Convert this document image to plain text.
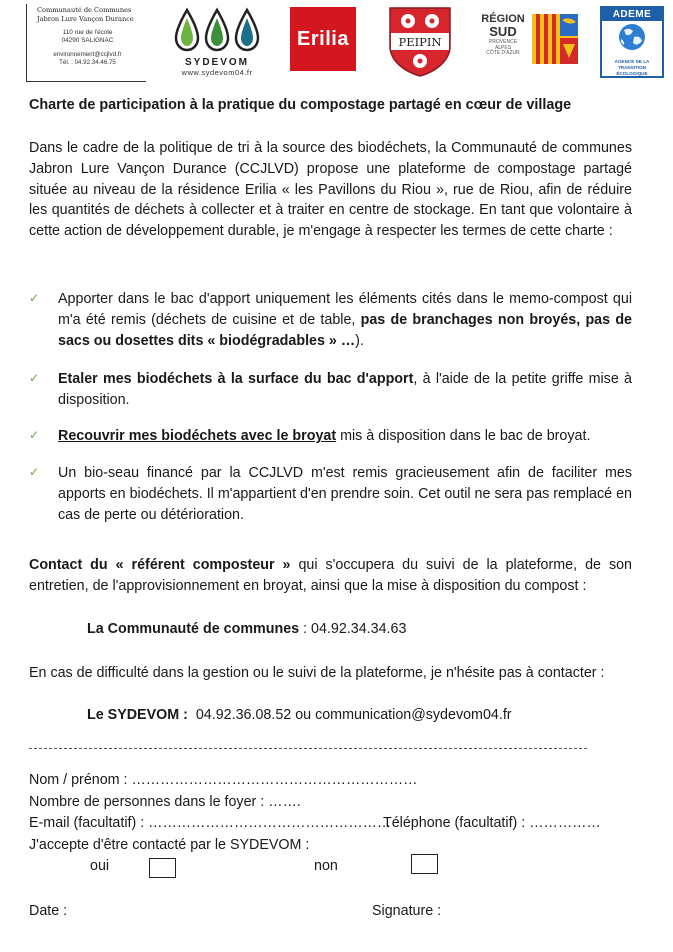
Communauté de Communes
Jabron Lure Vançon Durance
110 rue de l'école
04290 SALIGNAC
environnement@ccjlvd.fr
Tél. : 04.92.34.46.75	SYDEVOM
www.sydevom04.fr
Erilia	PEIPIN
RÉGION
SUD
PROVENCE
ALPES
CÔTE D'AZUR
ADEME
AGENCE DE LA
TRANSITION
ÉCOLOGIQUE
Charte de participation à la pratique du compostage partagé en cœur de village
Dans le cadre de la politique de tri à la source des biodéchets, la Communauté de communes Jabron Lure Vançon Durance (CCJLVD) propose une plateforme de compostage partagé située au niveau de la résidence Erilia « les Pavillons du Riou », rue de Riou, afin de réduire les quantités de déchets à collecter et à traiter en centre de stockage. En tant que volontaire à cette action de développement durable, je m'engage à respecter les termes de cette charte :
✓ Apporter dans le bac d'apport uniquement les éléments cités dans le memo-compost qui m'a été remis (déchets de cuisine et de table, pas de branchages non broyés, pas de sacs ou dosettes dits « biodégradables » …).
✓ Etaler mes biodéchets à la surface du bac d'apport, à l'aide de la petite griffe mise à disposition.
✓ Recouvrir mes biodéchets avec le broyat mis à disposition dans le bac de broyat.
✓ Un bio-seau financé par la CCJLVD m'est remis gracieusement afin de faciliter mes apports en biodéchets. Il m'appartient d'en prendre soin. Cet outil ne sera pas remplacé en cas de perte ou détérioration.
Contact du « référent composteur » qui s'occupera du suivi de la plateforme, de son entretien, de l'approvisionnement en broyat, ainsi que la mise à disposition du compost :
La Communauté de communes : 04.92.34.34.63
En cas de difficulté dans la gestion ou le suivi de la plateforme, je n'hésite pas à contacter :
Le SYDEVOM :  04.92.36.08.52 ou communication@sydevom04.fr
Nom / prénom : ……………………………………………………
Nombre de personnes dans le foyer : …….
E-mail (facultatif) : ……………………………………………
Téléphone (facultatif) : ……………
J'accepte d'être contacté par le SYDEVOM :
oui	non
Date :	Signature :
